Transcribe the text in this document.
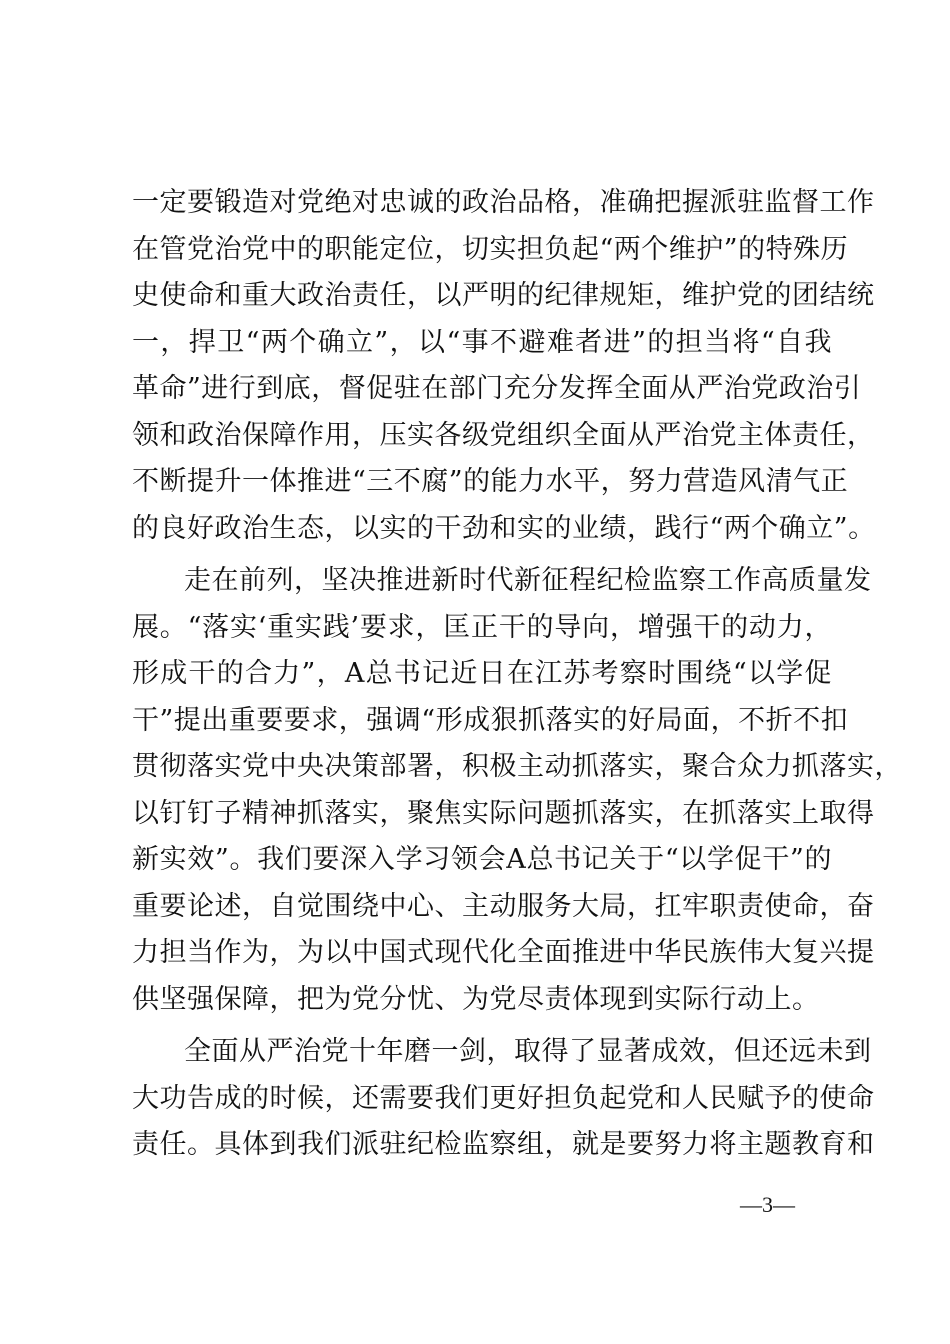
一定要锻造对党绝对忠诚的政治品格，准确把握派驻监督工作
在管党治党中的职能定位，切实担负起“两个维护”的特殊历
史使命和重大政治责任，以严明的纪律规矩，维护党的团结统
一，捍卫“两个确立”，以“事不避难者进”的担当将“自我
革命”进行到底，督促驻在部门充分发挥全面从严治党政治引
领和政治保障作用，压实各级党组织全面从严治党主体责任，
不断提升一体推进“三不腐”的能力水平，努力营造风清气正
的良好政治生态，以实的干劲和实的业绩，践行“两个确立”。
走在前列，坚决推进新时代新征程纪检监察工作高质量发
展。“落实‘重实践’要求，匡正干的导向，增强干的动力，
形成干的合力”，A总书记近日在江苏考察时围绕“以学促
干”提出重要要求，强调“形成狠抓落实的好局面，不折不扣
贯彻落实党中央决策部署，积极主动抓落实，聚合众力抓落实，
以钉钉子精神抓落实，聚焦实际问题抓落实，在抓落实上取得
新实效”。我们要深入学习领会A总书记关于“以学促干”的
重要论述，自觉围绕中心、主动服务大局，扛牢职责使命，奋
力担当作为，为以中国式现代化全面推进中华民族伟大复兴提
供坚强保障，把为党分忧、为党尽责体现到实际行动上。
全面从严治党十年磨一剑，取得了显著成效，但还远未到
大功告成的时候，还需要我们更好担负起党和人民赋予的使命
责任。具体到我们派驻纪检监察组，就是要努力将主题教育和
—3—
